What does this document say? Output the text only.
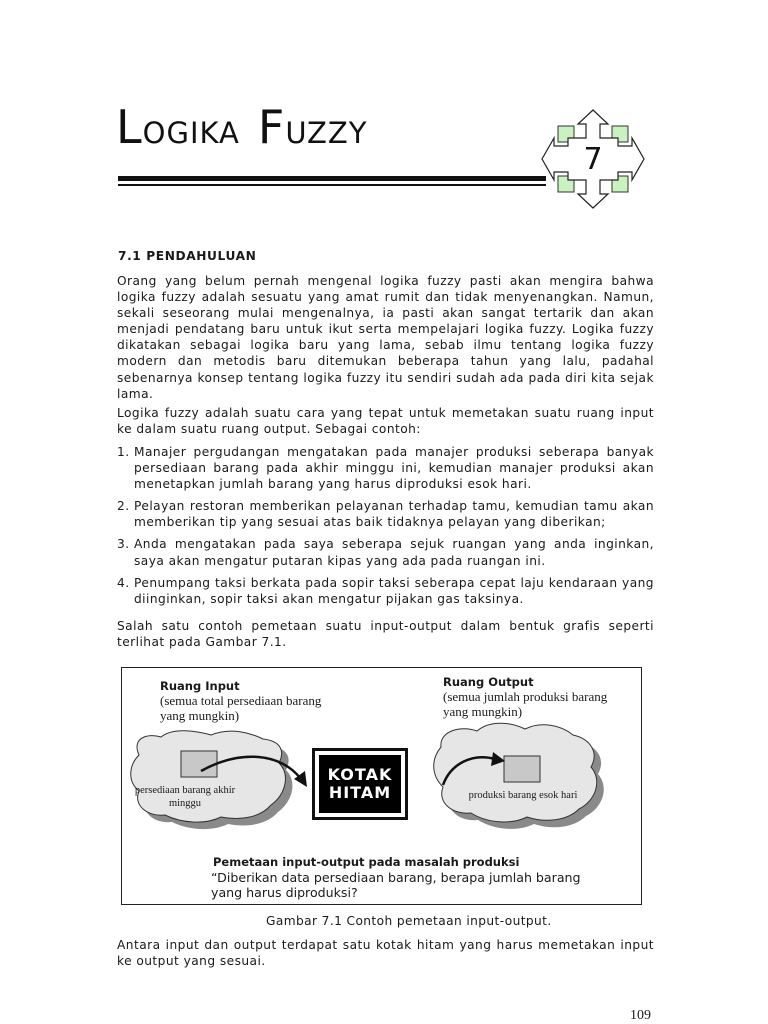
LOGIKA FUZZY
7
7.1 PENDAHULUAN
Orang yang belum pernah mengenal logika fuzzy pasti akan mengira bahwa logika fuzzy adalah sesuatu yang amat rumit dan tidak menyenangkan. Namun, sekali seseorang mulai mengenalnya, ia pasti akan sangat tertarik dan akan menjadi pendatang baru untuk ikut serta mempelajari logika fuzzy. Logika fuzzy dikatakan sebagai logika baru yang lama, sebab ilmu tentang logika fuzzy modern dan metodis baru ditemukan beberapa tahun yang lalu, padahal sebenarnya konsep tentang logika fuzzy itu sendiri sudah ada pada diri kita sejak lama.
Logika fuzzy adalah suatu cara yang tepat untuk memetakan suatu ruang input ke dalam suatu ruang output. Sebagai contoh:
1. Manajer pergudangan mengatakan pada manajer produksi seberapa banyak persediaan barang pada akhir minggu ini, kemudian manajer produksi akan menetapkan jumlah barang yang harus diproduksi esok hari.
2. Pelayan restoran memberikan pelayanan terhadap tamu, kemudian tamu akan memberikan tip yang sesuai atas baik tidaknya pelayan yang diberikan;
3. Anda mengatakan pada saya seberapa sejuk ruangan yang anda inginkan, saya akan mengatur putaran kipas yang ada pada ruangan ini.
4. Penumpang taksi berkata pada sopir taksi seberapa cepat laju kendaraan yang diinginkan, sopir taksi akan mengatur pijakan gas taksinya.
Salah satu contoh pemetaan suatu input-output dalam bentuk grafis seperti terlihat pada Gambar 7.1.
Ruang Input
(semua total persediaan barang yang mungkin)
Ruang Output
(semua jumlah produksi barang yang mungkin)
persediaan barang akhir minggu
produksi barang esok hari
KOTAK
HITAM
Pemetaan input-output pada masalah produksi
“Diberikan data persediaan barang, berapa jumlah barang yang harus diproduksi?
Gambar 7.1 Contoh pemetaan input-output.
Antara input dan output terdapat satu kotak hitam yang harus memetakan input ke output yang sesuai.
109
